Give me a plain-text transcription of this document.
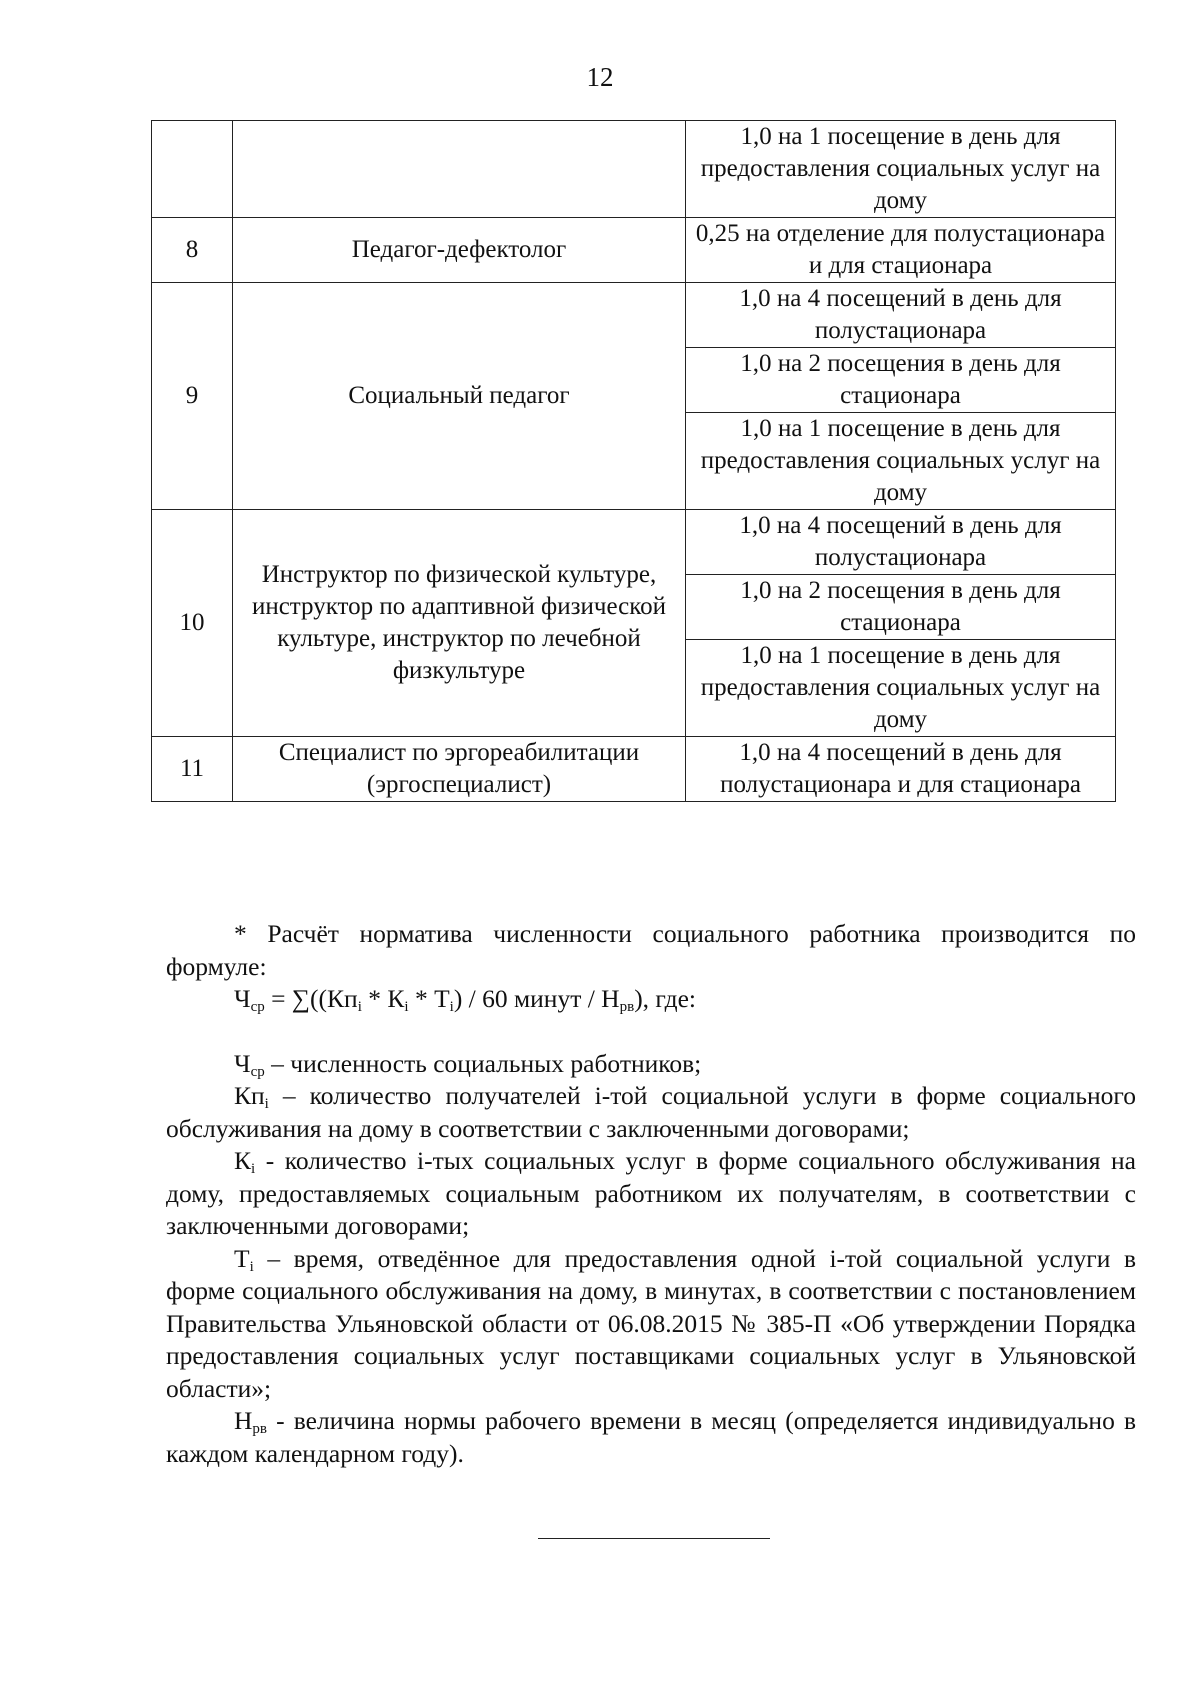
12
		1,0 на 1 посещение в день для предоставления социальных услуг на дому
8	Педагог-дефектолог	0,25 на отделение для полустационара и для стационара
9	Социальный педагог	1,0 на 4 посещений в день для полустационара
		1,0 на 2 посещения в день для стационара
		1,0 на 1 посещение в день для предоставления социальных услуг на дому
10	Инструктор по физической культуре, инструктор по адаптивной физической культуре, инструктор по лечебной физкультуре	1,0 на 4 посещений в день для полустационара
		1,0 на 2 посещения в день для стационара
		1,0 на 1 посещение в день для предоставления социальных услуг на дому
11	Специалист по эргореабилитации (эргоспециалист)	1,0 на 4 посещений в день для полустационара и для стационара

* Расчёт норматива численности социального работника производится по формуле:

$Ч_{ср} = \sum((Кп_i * К_i * Т_i) / 60$ минут / $Н_{рв}$), где:

$Ч_{ср}$ – численность социальных работников;

$Кп_i$ – количество получателей i-той социальной услуги в форме социального обслуживания на дому в соответствии с заключенными договорами;

$К_i$ - количество i-тых социальных услуг в форме социального обслуживания на дому, предоставляемых социальным работником их получателям, в соответствии с заключенными договорами;

$Т_i$ – время, отведённое для предоставления одной i-той социальной услуги в форме социального обслуживания на дому, в минутах, в соответствии с постановлением Правительства Ульяновской области от 06.08.2015 № 385-П «Об утверждении Порядка предоставления социальных услуг поставщиками социальных услуг в Ульяновской области»;

$Н_{рв}$ - величина нормы рабочего времени в месяц (определяется индивидуально в каждом календарном году).
